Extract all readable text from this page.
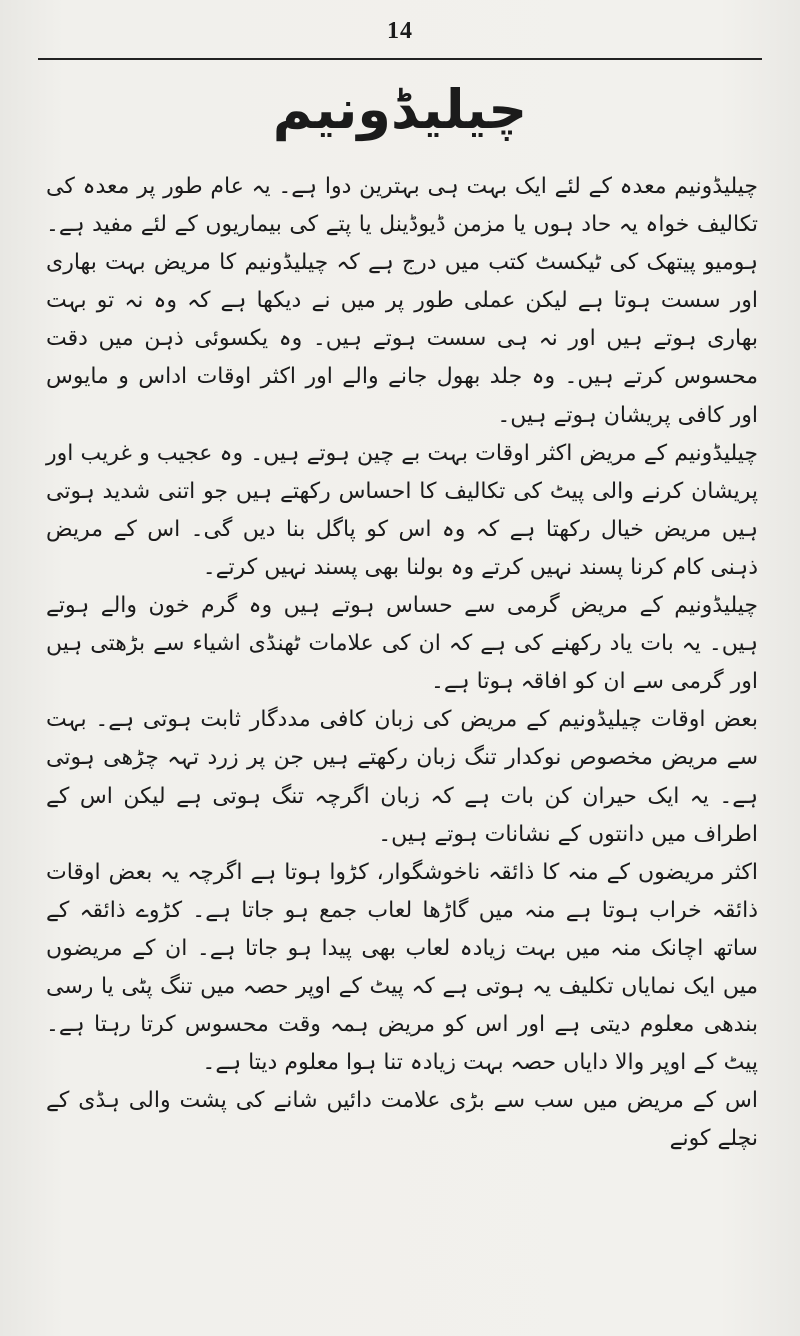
14
چیلیڈونیم

چیلیڈونیم معدہ کے لئے ایک بہت ہی بہترین دوا ہے۔ یہ عام طور پر معدہ کی تکالیف خواہ یہ حاد ہوں یا مزمن ڈیوڈینل یا پتے کی بیماریوں کے لئے مفید ہے۔ ہومیو پیتھک کی ٹیکسٹ کتب میں درج ہے کہ چیلیڈونیم کا مریض بہت بھاری اور سست ہوتا ہے لیکن عملی طور پر میں نے دیکھا ہے کہ وہ نہ تو بہت بھاری ہوتے ہیں اور نہ ہی سست ہوتے ہیں۔ وہ یکسوئی ذہن میں دقت محسوس کرتے ہیں۔ وہ جلد بھول جانے والے اور اکثر اوقات اداس و مایوس اور کافی پریشان ہوتے ہیں۔

چیلیڈونیم کے مریض اکثر اوقات بہت بے چین ہوتے ہیں۔ وہ عجیب و غریب اور پریشان کرنے والی پیٹ کی تکالیف کا احساس رکھتے ہیں جو اتنی شدید ہوتی ہیں مریض خیال رکھتا ہے کہ وہ اس کو پاگل بنا دیں گی۔ اس کے مریض ذہنی کام کرنا پسند نہیں کرتے وہ بولنا بھی پسند نہیں کرتے۔

چیلیڈونیم کے مریض گرمی سے حساس ہوتے ہیں وہ گرم خون والے ہوتے ہیں۔ یہ بات یاد رکھنے کی ہے کہ ان کی علامات ٹھنڈی اشیاء سے بڑھتی ہیں اور گرمی سے ان کو افاقہ ہوتا ہے۔

بعض اوقات چیلیڈونیم کے مریض کی زبان کافی مددگار ثابت ہوتی ہے۔ بہت سے مریض مخصوص نوکدار تنگ زبان رکھتے ہیں جن پر زرد تہہ چڑھی ہوتی ہے۔ یہ ایک حیران کن بات ہے کہ زبان اگرچہ تنگ ہوتی ہے لیکن اس کے اطراف میں دانتوں کے نشانات ہوتے ہیں۔

اکثر مریضوں کے منہ کا ذائقہ ناخوشگوار، کڑوا ہوتا ہے اگرچہ یہ بعض اوقات ذائقہ خراب ہوتا ہے منہ میں گاڑھا لعاب جمع ہو جاتا ہے۔ کڑوے ذائقہ کے ساتھ اچانک منہ میں بہت زیادہ لعاب بھی پیدا ہو جاتا ہے۔ ان کے مریضوں میں ایک نمایاں تکلیف یہ ہوتی ہے کہ پیٹ کے اوپر حصہ میں تنگ پٹی یا رسی بندھی معلوم دیتی ہے اور اس کو مریض ہمہ وقت محسوس کرتا رہتا ہے۔ پیٹ کے اوپر والا دایاں حصہ بہت زیادہ تنا ہوا معلوم دیتا ہے۔

اس کے مریض میں سب سے بڑی علامت دائیں شانے کی پشت والی ہڈی کے نچلے کونے
